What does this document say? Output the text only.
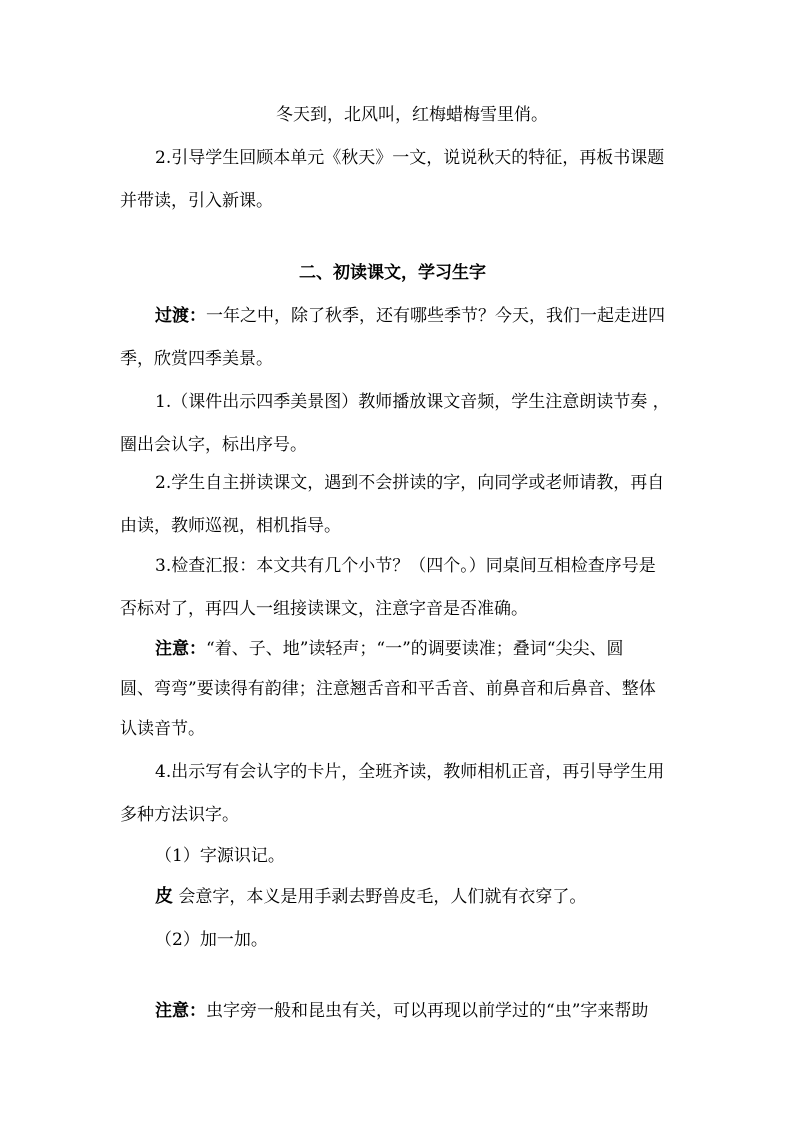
冬天到，北风叫，红梅蜡梅雪里俏。
2.引导学生回顾本单元《秋天》一文，说说秋天的特征，再板书课题
并带读，引入新课。
二、初读课文，学习生字
过渡：一年之中，除了秋季，还有哪些季节？今天，我们一起走进四
季，欣赏四季美景。
1.（课件出示四季美景图）教师播放课文音频，学生注意朗读节奏 ，
圈出会认字，标出序号。
2.学生自主拼读课文，遇到不会拼读的字，向同学或老师请教，再自
由读，教师巡视，相机指导。
3.检查汇报：本文共有几个小节？（四个。）同桌间互相检查序号是
否标对了，再四人一组接读课文，注意字音是否准确。
注意：“着、子、地”读轻声；“一”的调要读准；叠词“尖尖、圆
圆、弯弯”要读得有韵律；注意翘舌音和平舌音、前鼻音和后鼻音、整体
认读音节。
4.出示写有会认字的卡片，全班齐读，教师相机正音，再引导学生用
多种方法识字。
（1）字源识记。
皮 会意字，本义是用手剥去野兽皮毛，人们就有衣穿了。
（2）加一加。
注意：虫字旁一般和昆虫有关，可以再现以前学过的“虫”字来帮助
